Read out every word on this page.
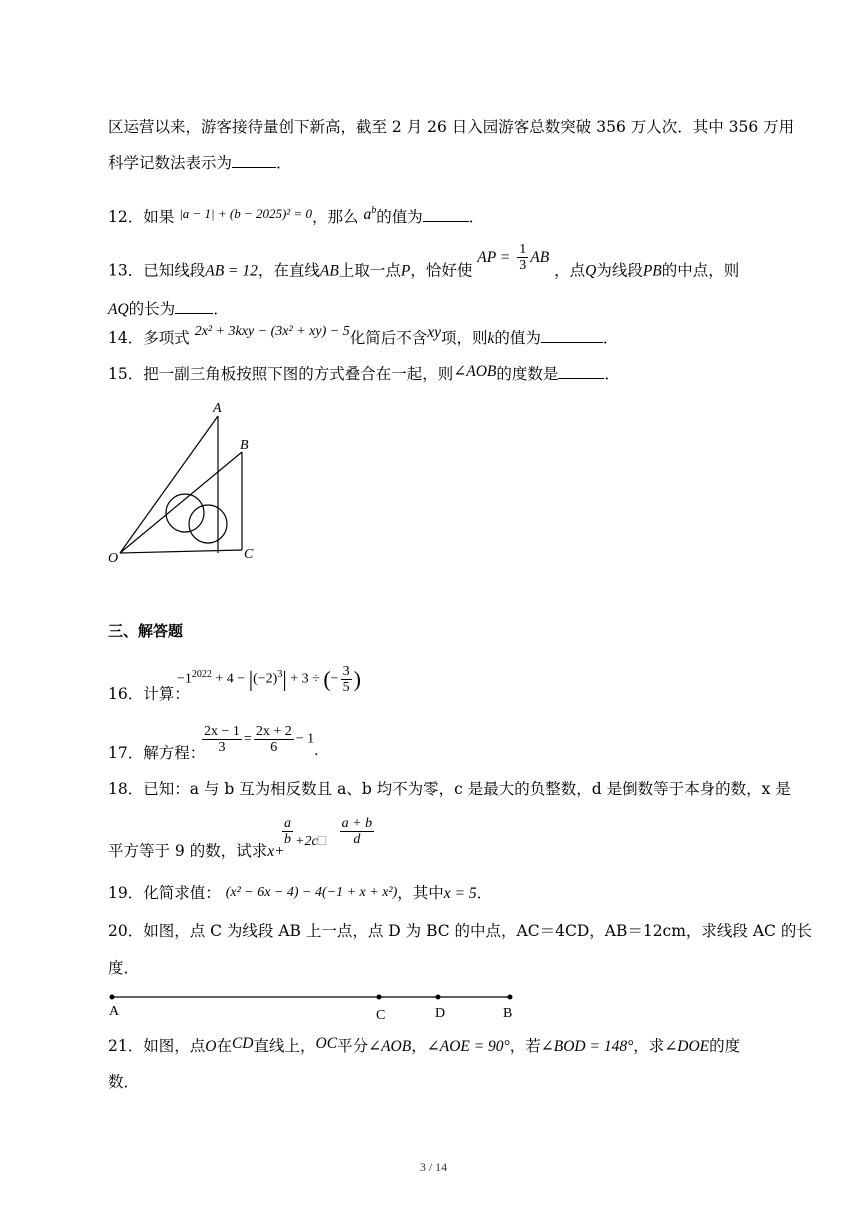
区运营以来，游客接待量创下新高，截至 2 月 26 日入园游客总数突破 356 万人次．其中 356 万用
科学记数法表示为	．
12．如果 $^{|a - 1| + (b - 2025)^2 = 0}$，那么 $a^b$的值为	．
13．已知线段AB = 12，在直线AB上取一点P，恰好使 AP = $\frac{1}{3}$ AB ，点Q为线段PB的中点，则
AQ的长为 ．
14．多项式 2x² + 3kxy − (3x² + xy) − 5化简后不含xy项，则k的值为	．
15．把一副三角板按照下图的方式叠合在一起，则∠AOB的度数是	．
A
B
O	C
三、解答题
16．计算：
$-1^{2022} + 4 - |(-2)^3| + 3$ ÷ (− $\frac{3}{5}$ )
17．解方程：
$\frac{2x - 1}{3} = \frac{2x + 2}{6} - 1$．
18．已知：a 与 b 互为相反数且 a、b 均不为零，c 是最大的负整数，d 是倒数等于本身的数，x 是
平方等于 9 的数，试求x+
$\frac{a}{b}$ +2c□ $\frac{a + b}{d}$
19．化简求值： (x² − 6x − 4) − 4(−1 + x + x²)，其中x = 5．
20．如图，点 C 为线段 AB 上一点，点 D 为 BC 的中点，AC＝4CD，AB＝12cm，求线段 AC 的长
度．
A	C	D	B
21．如图，点O在CD直线上，OC平分∠AOB，∠AOE = 90°，若∠BOD = 148°，求∠DOE的度
数．
3 / 14
